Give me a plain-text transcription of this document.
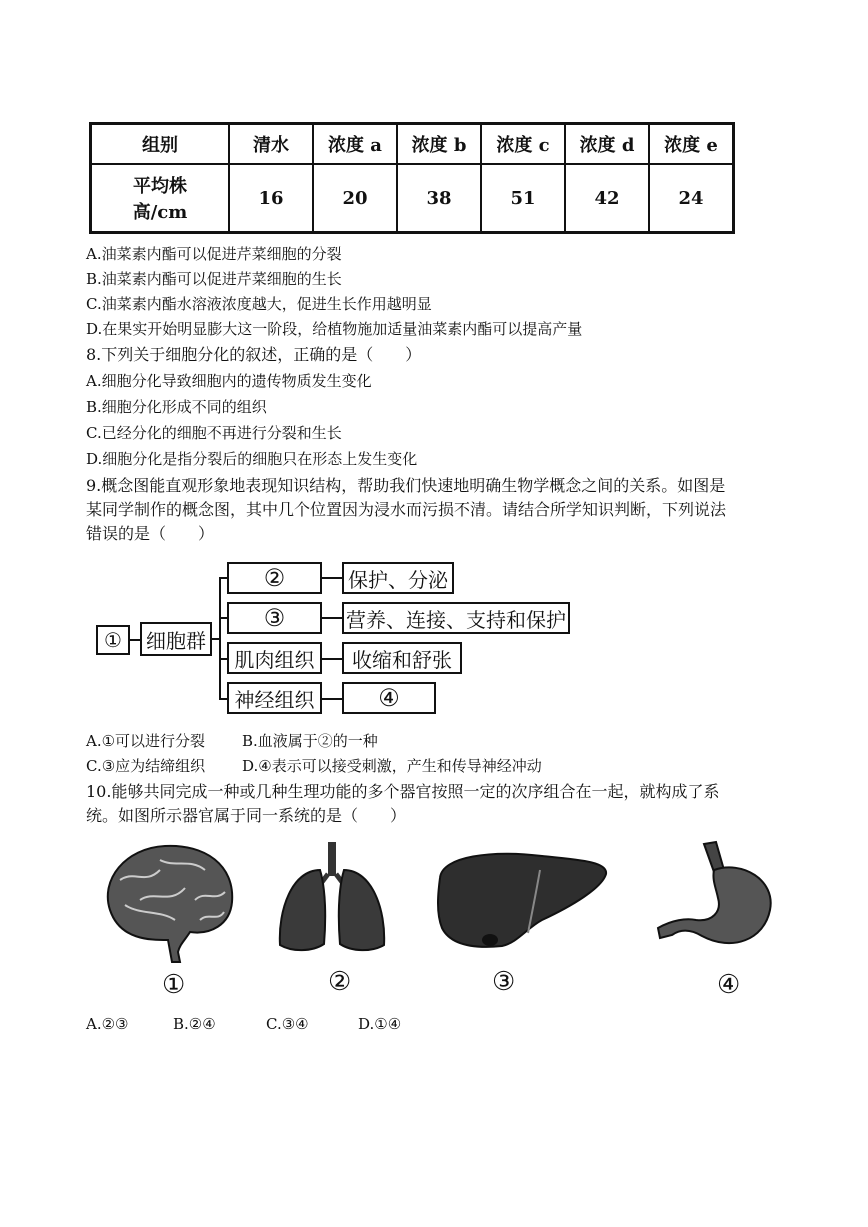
组别	清水	浓度 a	浓度 b	浓度 c	浓度 d	浓度 e

平均株
高/cm	16	20	38	51	42	24
A.油菜素内酯可以促进芹菜细胞的分裂
B.油菜素内酯可以促进芹菜细胞的生长
C.油菜素内酯水溶液浓度越大，促进生长作用越明显
D.在果实开始明显膨大这一阶段，给植物施加适量油菜素内酯可以提高产量
8.下列关于细胞分化的叙述，正确的是（　　）
A.细胞分化导致细胞内的遗传物质发生变化
B.细胞分化形成不同的组织
C.已经分化的细胞不再进行分裂和生长
D.细胞分化是指分裂后的细胞只在形态上发生变化
9.概念图能直观形象地表现知识结构，帮助我们快速地明确生物学概念之间的关系。如图是
某同学制作的概念图，其中几个位置因为浸水而污损不清。请结合所学知识判断，下列说法
错误的是（　　）
①	细胞群
②
③
肌肉组织
神经组织
保护、分泌
营养、连接、支持和保护
收缩和舒张
④
A.①可以进行分裂 B.血液属于②的一种
C.③应为结缔组织 D.④表示可以接受刺激，产生和传导神经冲动
10.能够共同完成一种或几种生理功能的多个器官按照一定的次序组合在一起，就构成了系
统。如图所示器官属于同一系统的是（　　）
①	②	③	④
A.②③	B.②④	C.③④	D.①④
